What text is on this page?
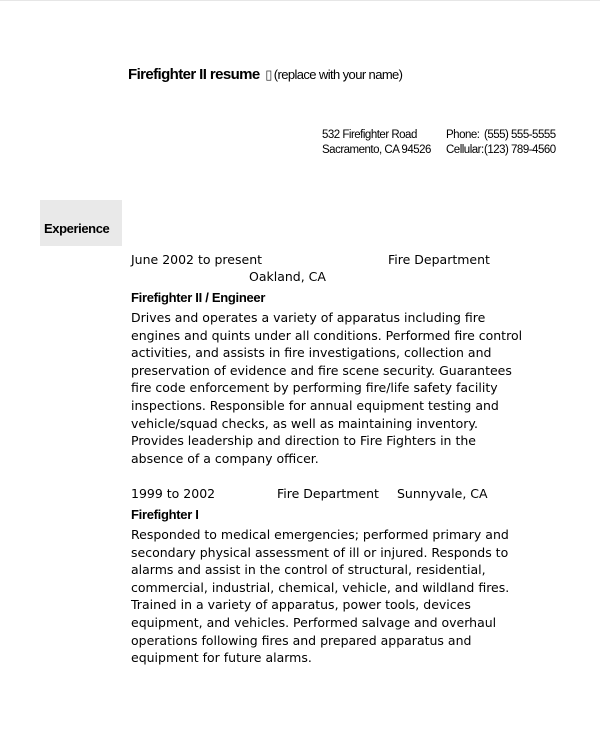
Firefighter II resume ▯ (replace with your name)
532 Firefighter Road
Sacramento, CA 94526
Phone: (555) 555-5555
Cellular:(123) 789-4560
Experience
June 2002 to present	Fire Department
Oakland, CA
Firefighter II / Engineer
Drives and operates a variety of apparatus including fire
engines and quints under all conditions. Performed fire control
activities, and assists in fire investigations, collection and
preservation of evidence and fire scene security. Guarantees
fire code enforcement by performing fire/life safety facility
inspections. Responsible for annual equipment testing and
vehicle/squad checks, as well as maintaining inventory.
Provides leadership and direction to Fire Fighters in the
absence of a company officer.
1999 to 2002	Fire Department Sunnyvale, CA
Firefighter I
Responded to medical emergencies; performed primary and
secondary physical assessment of ill or injured. Responds to
alarms and assist in the control of structural, residential,
commercial, industrial, chemical, vehicle, and wildland fires.
Trained in a variety of apparatus, power tools, devices
equipment, and vehicles. Performed salvage and overhaul
operations following fires and prepared apparatus and
equipment for future alarms.
